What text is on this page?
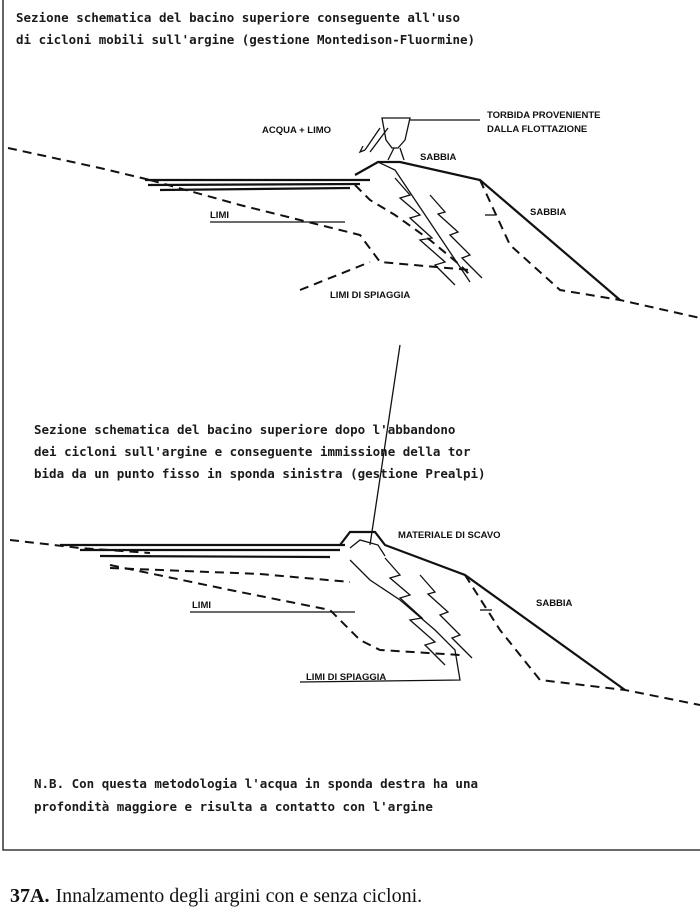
Sezione schematica del bacino superiore conseguente all'uso
di cicloni mobili sull'argine (gestione Montedison-Fluormine)
ACQUA + LIMO
TORBIDA PROVENIENTE
DALLA FLOTTAZIONE
SABBIA
SABBIA
LIMI
LIMI DI SPIAGGIA
Sezione schematica del bacino superiore dopo l'abbandono
dei cicloni sull'argine e conseguente immissione della tor
bida da un punto fisso in sponda sinistra (gestione Prealpi)
MATERIALE DI SCAVO
SABBIA
LIMI
LIMI DI SPIAGGIA
N.B. Con questa metodologia l'acqua in sponda destra ha una
profondità maggiore e risulta a contatto con l'argine
37A. Innalzamento degli argini con e senza cicloni.
